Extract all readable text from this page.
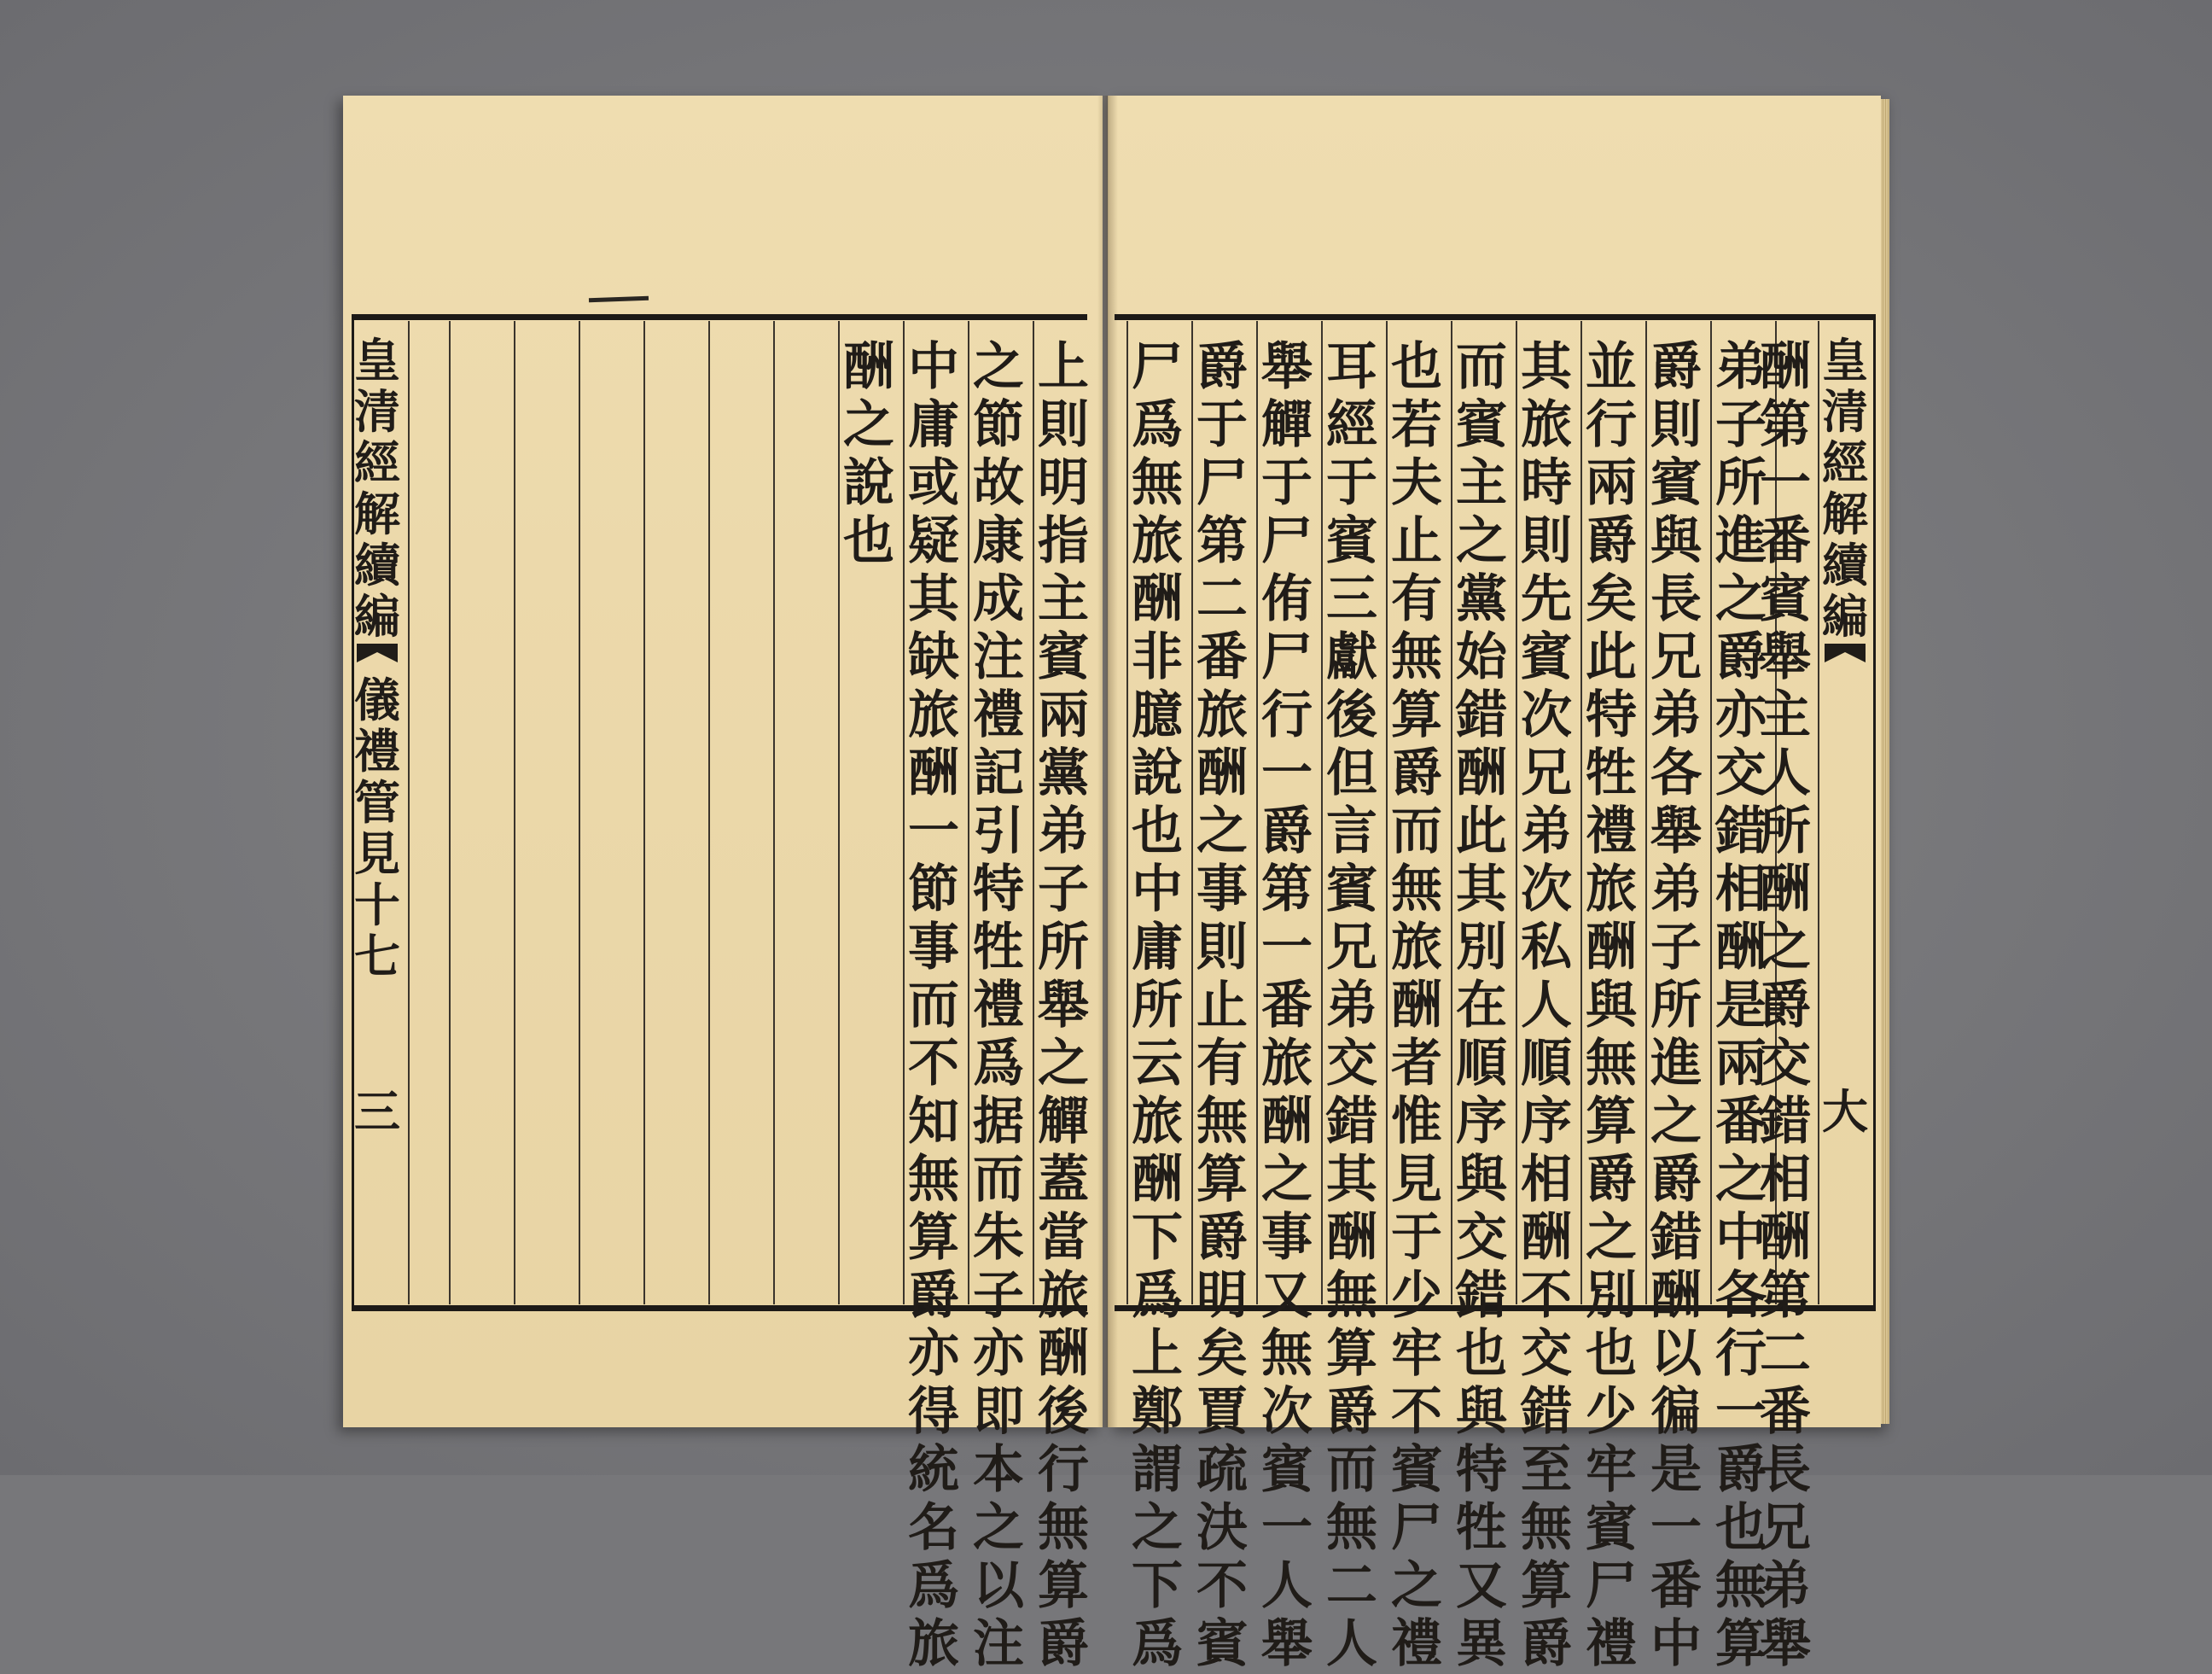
皇
清
經
解
續
編
儀
禮
管
見
十
七
三
上
則
明
指
主
賓
兩
黨
弟
子
所
舉
之
觶
蓋
當
旅
酬
後
行
無
算
爵
之
節
故
康
成
注
禮
記
引
特
牲
禮
爲
据
而
朱
子
亦
即
本
之
以
注
中
庸
或
疑
其
缺
旅
酬
一
節
事
而
不
知
無
算
爵
亦
得
統
名
爲
旅
酬
之
說
也
酬
第
一
番
賓
舉
主
人
所
酬
之
爵
交
錯
相
酬
第
二
番
長
兄
弟
舉
弟
子
所
進
之
爵
亦
交
錯
相
酬
是
兩
番
之
中
各
行
一
爵
也
無
算
爵
則
賓
與
長
兄
弟
各
舉
弟
子
所
進
之
爵
錯
酬
以
徧
是
一
番
中
並
行
兩
爵
矣
此
特
牲
禮
旅
酬
與
無
算
爵
之
別
也
少
牢
賓
尸
禮
其
旅
時
則
先
賓
次
兄
弟
次
私
人
順
序
相
酬
不
交
錯
至
無
算
爵
而
賓
主
之
黨
始
錯
酬
此
其
別
在
順
序
與
交
錯
也
與
特
牲
又
異
也
若
夫
止
有
無
算
爵
而
無
旅
酬
者
惟
見
于
少
牢
不
賓
尸
之
禮
耳
經
于
賓
三
獻
後
但
言
賓
兄
弟
交
錯
其
酬
無
算
爵
而
無
二
人
舉
觶
于
尸
侑
尸
行
一
爵
第
一
番
旅
酬
之
事
又
無
次
賓
一
人
舉
爵
于
尸
第
二
番
旅
酬
之
事
則
止
有
無
算
爵
明
矣
賈
疏
決
不
賓
尸
爲
無
旅
酬
非
臆
說
也
中
庸
所
云
旅
酬
下
爲
上
鄭
謂
之
下
爲
皇
清
經
解
續
編
大
